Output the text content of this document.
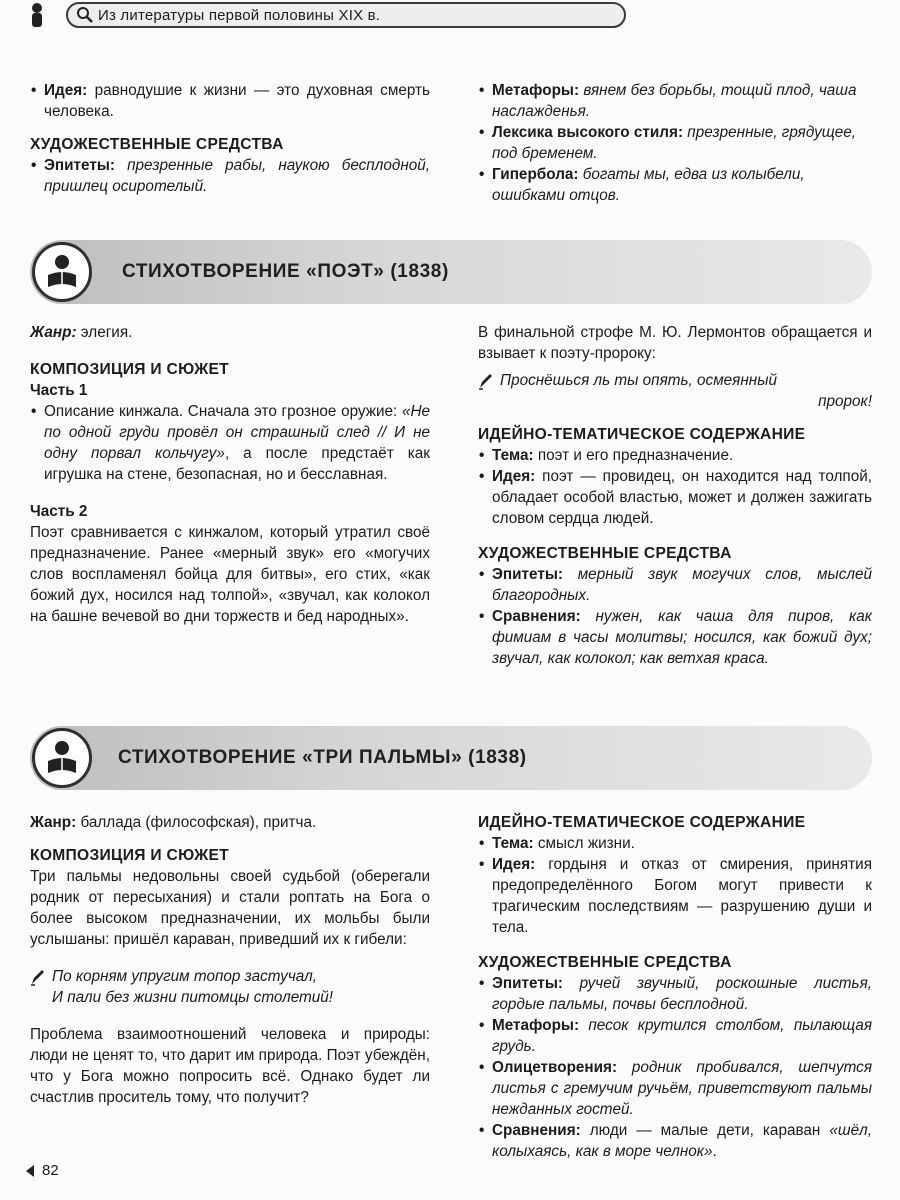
Из литературы первой половины XIX в.

• Идея: равнодушие к жизни — это духовная смерть человека.

ХУДОЖЕСТВЕННЫЕ СРЕДСТВА

• Эпитеты: презренные рабы, наукою бесплодной, пришлец осиротелый.

• Метафоры: вянем без борьбы, тощий плод, чаша наслажденья.

• Лексика высокого стиля: презренные, грядущее, под бременем.

• Гипербола: богаты мы, едва из колыбели, ошибками отцов.

СТИХОТВОРЕНИЕ «ПОЭТ» (1838)

Жанр: элегия.

КОМПОЗИЦИЯ И СЮЖЕТ

Часть 1

• Описание кинжала. Сначала это грозное оружие: «Не по одной груди провёл он страшный след // И не одну порвал кольчугу», а после предстаёт как игрушка на стене, безопасная, но и бесславная.

Часть 2

Поэт сравнивается с кинжалом, который утратил своё предназначение. Ранее «мерный звук» его «могучих слов воспламенял бойца для битвы», его стих, «как божий дух, носился над толпой», «звучал, как колокол на башне вечевой во дни торжеств и бед народных».

В финальной строфе М. Ю. Лермонтов обращается и взывает к поэту-пророку:

Проснёшься ль ты опять, осмеянный

пророк!

ИДЕЙНО-ТЕМАТИЧЕСКОЕ СОДЕРЖАНИЕ

• Тема: поэт и его предназначение.

• Идея: поэт — провидец, он находится над толпой, обладает особой властью, может и должен зажигать словом сердца людей.

ХУДОЖЕСТВЕННЫЕ СРЕДСТВА

• Эпитеты: мерный звук могучих слов, мыслей благородных.

• Сравнения: нужен, как чаша для пиров, как фимиам в часы молитвы; носился, как божий дух; звучал, как колокол; как ветхая краса.

СТИХОТВОРЕНИЕ «ТРИ ПАЛЬМЫ» (1838)

Жанр: баллада (философская), притча.

КОМПОЗИЦИЯ И СЮЖЕТ

Три пальмы недовольны своей судьбой (оберегали родник от пересыхания) и стали роптать на Бога о более высоком предназначении, их мольбы были услышаны: пришёл караван, приведший их к гибели:

По корням упругим топор застучал,

И пали без жизни питомцы столетий!

Проблема взаимоотношений человека и природы: люди не ценят то, что дарит им природа. Поэт убеждён, что у Бога можно попросить всё. Однако будет ли счастлив проситель тому, что получит?

ИДЕЙНО-ТЕМАТИЧЕСКОЕ СОДЕРЖАНИЕ

• Тема: смысл жизни.

• Идея: гордыня и отказ от смирения, принятия предопределённого Богом могут привести к трагическим последствиям — разрушению души и тела.

ХУДОЖЕСТВЕННЫЕ СРЕДСТВА

• Эпитеты: ручей звучный, роскошные листья, гордые пальмы, почвы бесплодной.

• Метафоры: песок крутился столбом, пылающая грудь.

• Олицетворения: родник пробивался, шепчутся листья с гремучим ручьём, приветствуют пальмы нежданных гостей.

• Сравнения: люди — малые дети, караван «шёл, колыхаясь, как в море челнок».

82
